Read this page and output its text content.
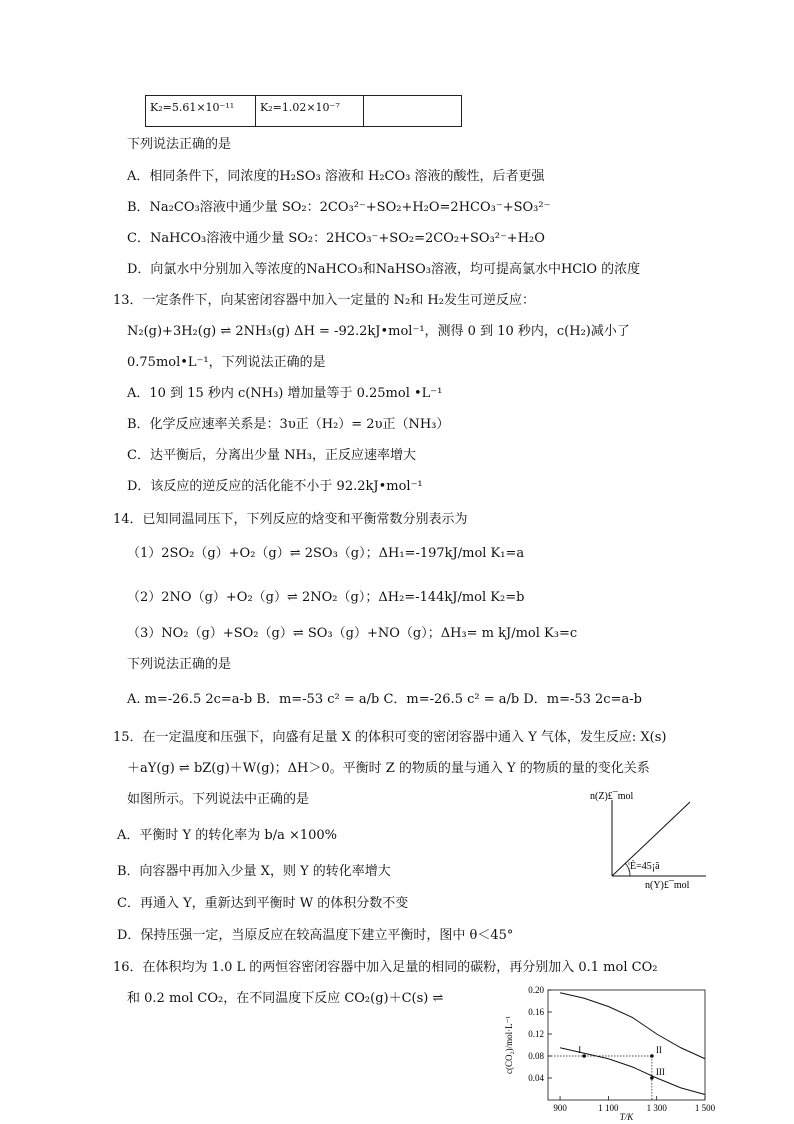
K₂=5.61×10⁻¹¹	K₂=1.02×10⁻⁷
下列说法正确的是
A．相同条件下，同浓度的H₂SO₃ 溶液和 H₂CO₃ 溶液的酸性，后者更强
B．Na₂CO₃溶液中通少量 SO₂：2CO₃²⁻+SO₂+H₂O=2HCO₃⁻+SO₃²⁻
C．NaHCO₃溶液中通少量 SO₂：2HCO₃⁻+SO₂=2CO₂+SO₃²⁻+H₂O
D．向氯水中分别加入等浓度的NaHCO₃和NaHSO₃溶液，均可提高氯水中HClO 的浓度
13．一定条件下，向某密闭容器中加入一定量的 N₂和 H₂发生可逆反应：
N₂(g)+3H₂(g) ⇌ 2NH₃(g) ΔH = -92.2kJ•mol⁻¹，测得 0 到 10 秒内，c(H₂)减小了
0.75mol•L⁻¹，下列说法正确的是
A．10 到 15 秒内 c(NH₃) 增加量等于 0.25mol •L⁻¹
B．化学反应速率关系是：3υ正（H₂）= 2υ正（NH₃）
C．达平衡后，分离出少量 NH₃，正反应速率增大
D．该反应的逆反应的活化能不小于 92.2kJ•mol⁻¹
14．已知同温同压下，下列反应的焓变和平衡常数分别表示为
（1）2SO₂（g）+O₂（g）⇌ 2SO₃（g）；ΔH₁=-197kJ/mol K₁=a
（2）2NO（g）+O₂（g）⇌ 2NO₂（g）；ΔH₂=-144kJ/mol K₂=b
（3）NO₂（g）+SO₂（g）⇌ SO₃（g）+NO（g）；ΔH₃= m kJ/mol K₃=c
下列说法正确的是
A. m=-26.5 2c=a-b B．m=-53 c² = a/b C．m=-26.5 c² = a/b D．m=-53 2c=a-b
15．在一定温度和压强下，向盛有足量 X 的体积可变的密闭容器中通入 Y 气体，发生反应: X(s)
＋aY(g) ⇌ bZ(g)＋W(g)；ΔH＞0。平衡时 Z 的物质的量与通入 Y 的物质的量的变化关系
如图所示。下列说法中正确的是
A．平衡时 Y 的转化率为 b/a ×100%
B．向容器中再加入少量 X，则 Y 的转化率增大
C．再通入 Y，重新达到平衡时 W 的体积分数不变
D．保持压强一定，当原反应在较高温度下建立平衡时，图中 θ＜45°
16．在体积均为 1.0 L 的两恒容密闭容器中加入足量的相同的碳粉，再分别加入 0.1 mol CO₂
和 0.2 mol CO₂，在不同温度下反应 CO₂(g)＋C(s) ⇌
n(Z)£¯mol
n(Y)£¯mol
¦È=45¡ã
0.20
0.16
0.12
0.08
0.04
900	1 100	1 300	1 500
T/K
c(CO₂)/mol·L⁻¹	I	II
III
